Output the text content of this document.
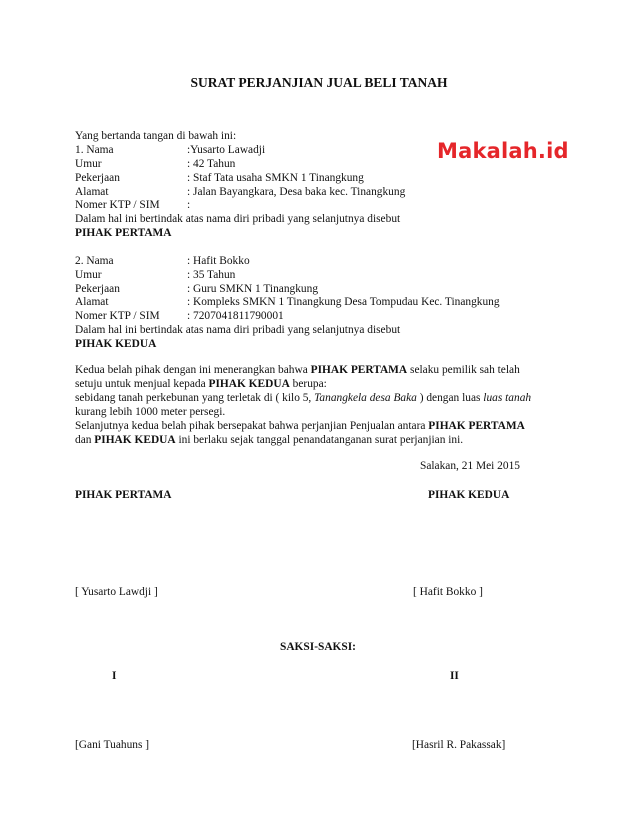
SURAT PERJANJIAN JUAL BELI TANAH
Makalah.id
Yang bertanda tangan di bawah ini:
1. Nama	:Yusarto Lawadji
Umur	: 42 Tahun
Pekerjaan	: Staf Tata usaha SMKN 1 Tinangkung
Alamat	: Jalan Bayangkara, Desa baka kec. Tinangkung
Nomer KTP / SIM :
Dalam hal ini bertindak atas nama diri pribadi yang selanjutnya disebut
PIHAK PERTAMA
2. Nama	: Hafit Bokko
Umur	: 35 Tahun
Pekerjaan	: Guru SMKN 1 Tinangkung
Alamat	: Kompleks SMKN 1 Tinangkung Desa Tompudau Kec. Tinangkung
Nomer KTP / SIM : 7207041811790001
Dalam hal ini bertindak atas nama diri pribadi yang selanjutnya disebut
PIHAK KEDUA
Kedua belah pihak dengan ini menerangkan bahwa PIHAK PERTAMA selaku pemilik sah telah
setuju untuk menjual kepada PIHAK KEDUA berupa:
sebidang tanah perkebunan yang terletak di ( kilo 5, Tanangkela desa Baka ) dengan luas luas tanah
kurang lebih 1000 meter persegi.
Selanjutnya kedua belah pihak bersepakat bahwa perjanjian Penjualan antara PIHAK PERTAMA
dan PIHAK KEDUA ini berlaku sejak tanggal penandatanganan surat perjanjian ini.
Salakan, 21 Mei 2015
PIHAK PERTAMA	PIHAK KEDUA
[ Yusarto Lawdji ]	[ Hafit Bokko ]
SAKSI-SAKSI:
I	II
[Gani Tuahuns ]	[Hasril R. Pakassak]
